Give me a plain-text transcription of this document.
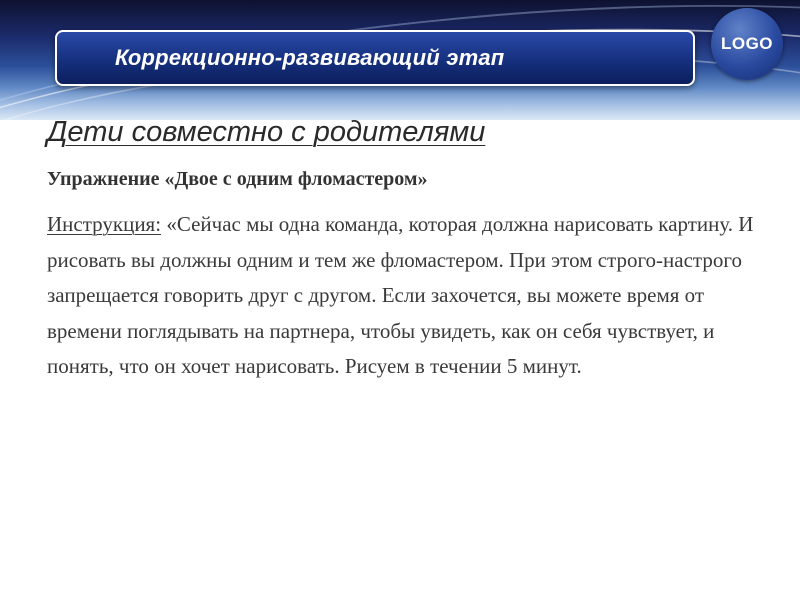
Коррекционно-развивающий этап
LOGO
Дети совместно с родителями
Упражнение «Двое с одним фломастером»
Инструкция: «Сейчас мы одна команда, которая должна нарисовать картину. И рисовать вы должны одним и тем же фломастером. При этом строго-настрого запрещается говорить друг с другом. Если захочется, вы можете время от времени поглядывать на партнера, чтобы увидеть, как он себя чувствует, и понять, что он хочет нарисовать. Рисуем в течении 5 минут.
